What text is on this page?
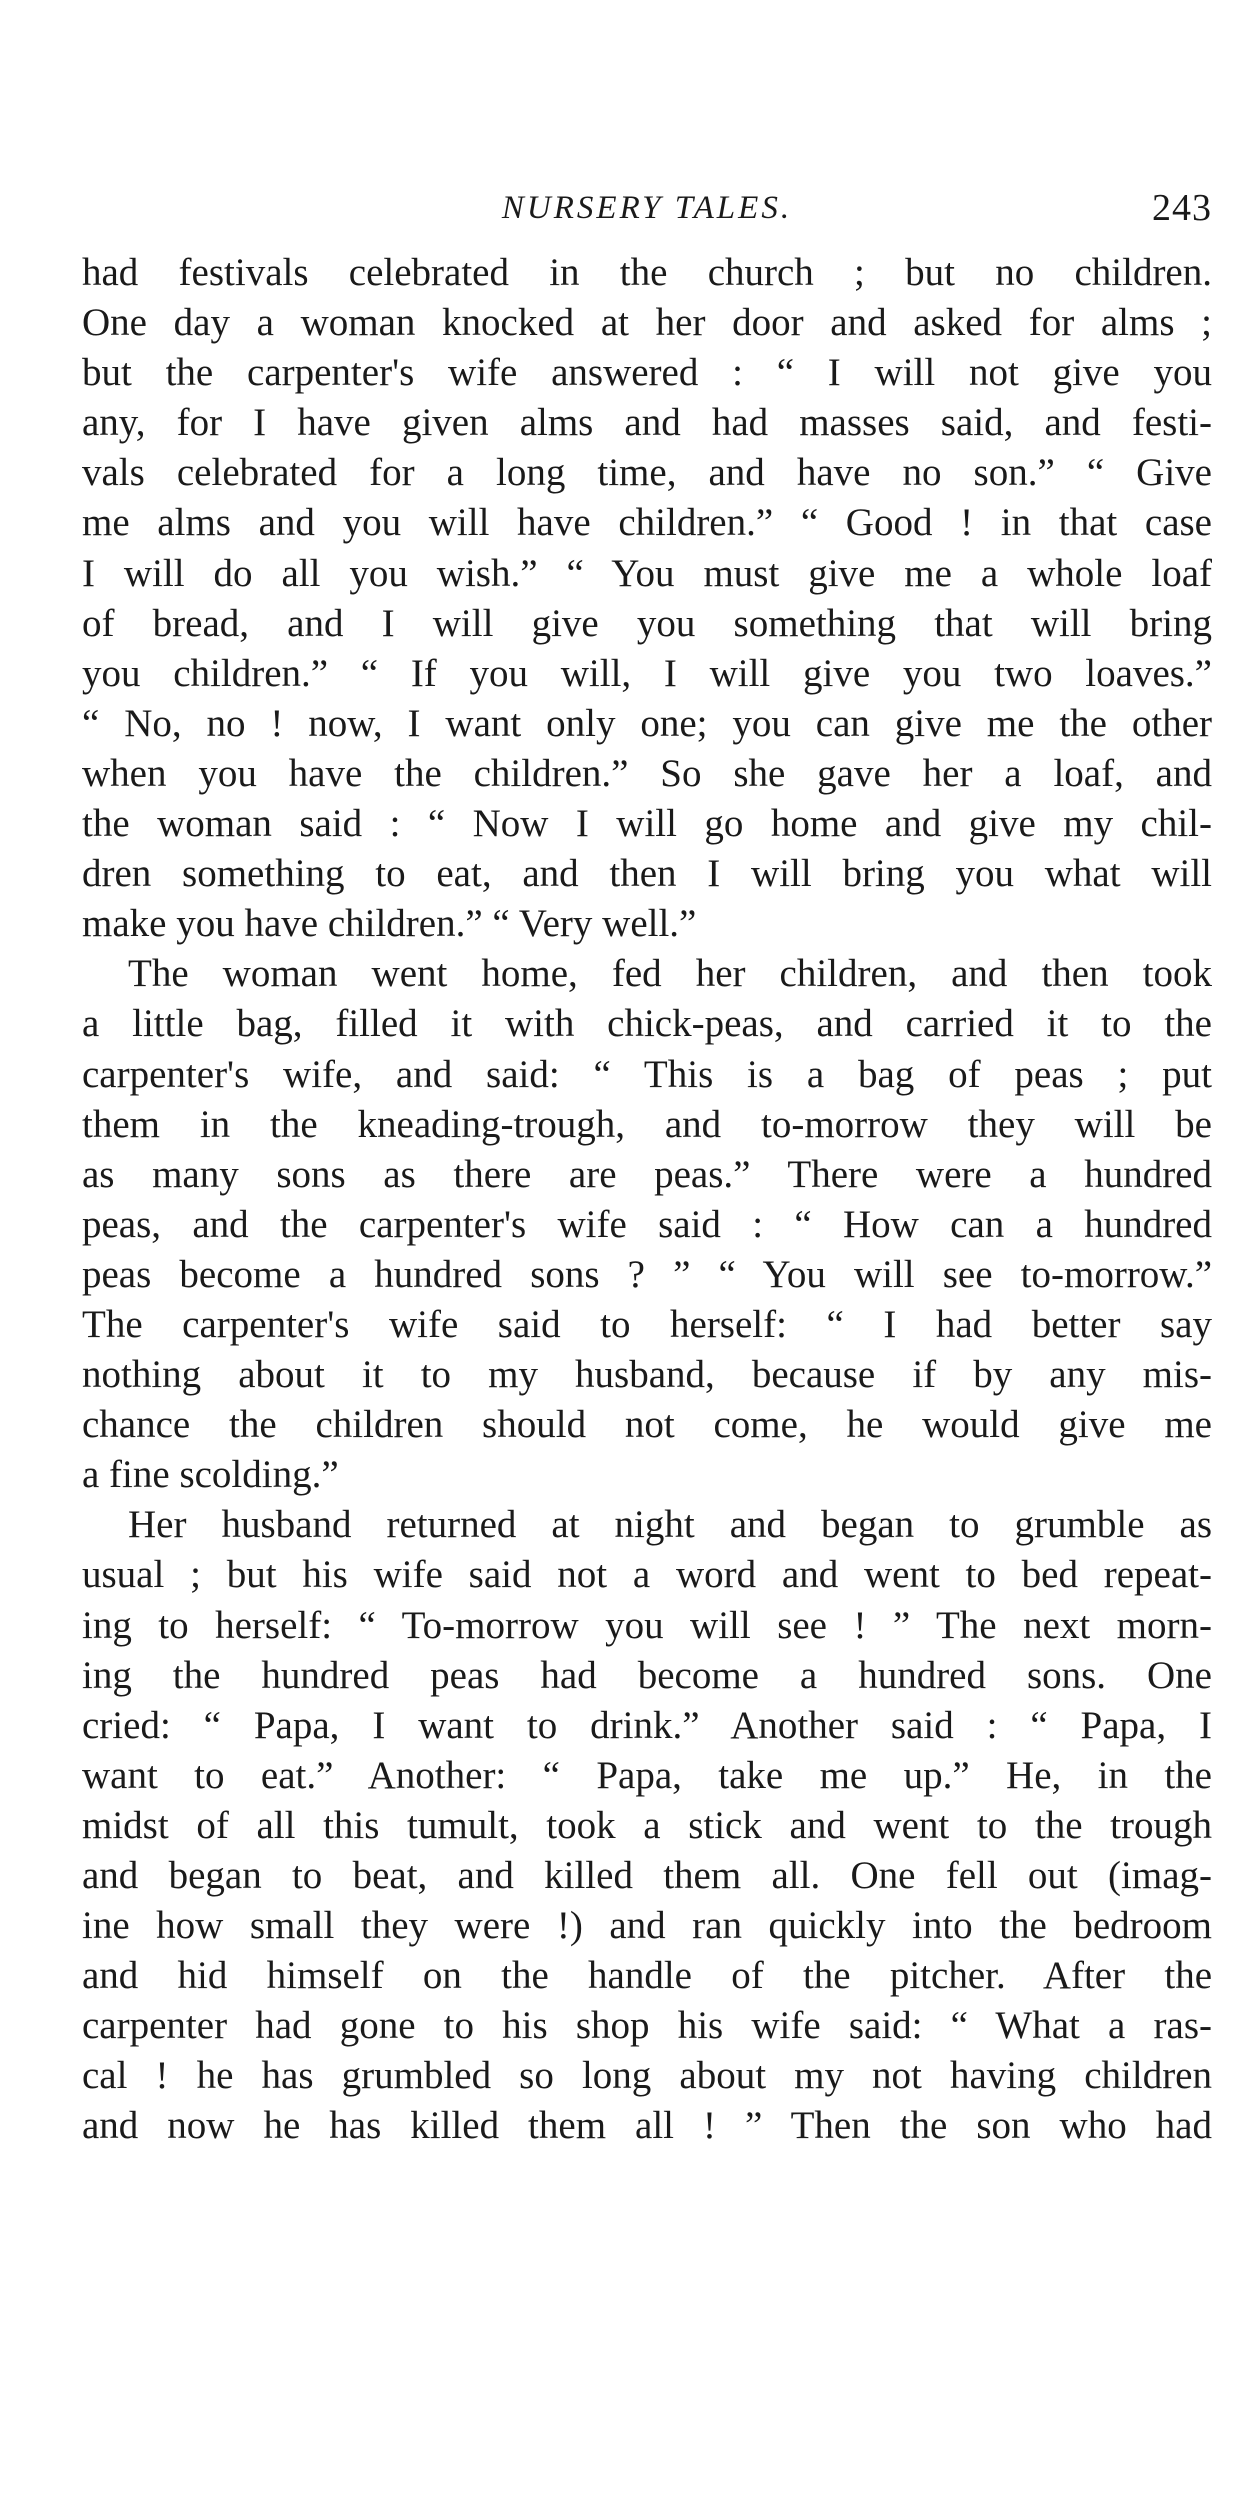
NURSERY TALES.	243
had festivals celebrated in the church ; but no children.
One day a woman knocked at her door and asked for alms ;
but the carpenter's wife answered : “ I will not give you
any, for I have given alms and had masses said, and festi-
vals celebrated for a long time, and have no son.” “ Give
me alms and you will have children.” “ Good ! in that case
I will do all you wish.” “ You must give me a whole loaf
of bread, and I will give you something that will bring
you children.” “ If you will, I will give you two loaves.”
“ No, no ! now, I want only one; you can give me the other
when you have the children.” So she gave her a loaf, and
the woman said : “ Now I will go home and give my chil-
dren something to eat, and then I will bring you what will
make you have children.” “ Very well.”
The woman went home, fed her children, and then took
a little bag, filled it with chick-peas, and carried it to the
carpenter's wife, and said: “ This is a bag of peas ; put
them in the kneading-trough, and to-morrow they will be
as many sons as there are peas.” There were a hundred
peas, and the carpenter's wife said : “ How can a hundred
peas become a hundred sons ? ” “ You will see to-morrow.”
The carpenter's wife said to herself: “ I had better say
nothing about it to my husband, because if by any mis-
chance the children should not come, he would give me
a fine scolding.”
Her husband returned at night and began to grumble as
usual ; but his wife said not a word and went to bed repeat-
ing to herself: “ To-morrow you will see ! ” The next morn-
ing the hundred peas had become a hundred sons. One
cried: “ Papa, I want to drink.” Another said : “ Papa, I
want to eat.” Another: “ Papa, take me up.” He, in the
midst of all this tumult, took a stick and went to the trough
and began to beat, and killed them all. One fell out (imag-
ine how small they were !) and ran quickly into the bedroom
and hid himself on the handle of the pitcher. After the
carpenter had gone to his shop his wife said: “ What a ras-
cal ! he has grumbled so long about my not having children
and now he has killed them all ! ” Then the son who had
